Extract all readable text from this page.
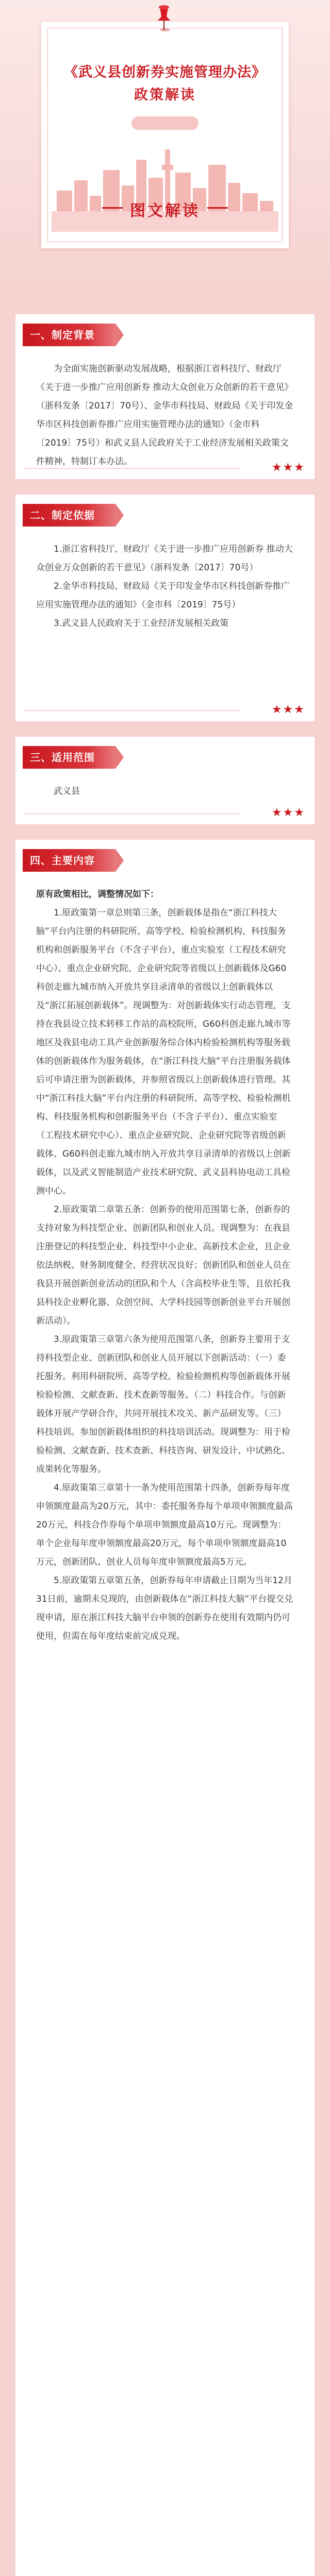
《武义县创新券实施管理办法》
政策解读
图文解读
一、制定背景

为全面实施创新驱动发展战略，根据浙江省科技厅、财政厅《关于进一步推广应用创新券 推动大众创业万众创新的若干意见》（浙科发条〔2017〕70号）、金华市科技局、财政局《关于印发金华市区科技创新券推广应用实施管理办法的通知》（金市科〔2019〕75号）和武义县人民政府关于工业经济发展相关政策文件精神，特制订本办法。	★★★
二、制定依据

1.浙江省科技厅、财政厅《关于进一步推广应用创新券 推动大众创业万众创新的若干意见》（浙科发条〔2017〕70号）

2.金华市科技局、财政局《关于印发金华市区科技创新券推广应用实施管理办法的通知》（金市科〔2019〕75号）

3.武义县人民政府关于工业经济发展相关政策

★★★
三、适用范围

武义县

★★★
四、主要内容

原有政策相比，调整情况如下：

1.原政策第一章总则第三条，创新载体是指在“浙江科技大脑”平台内注册的科研院所、高等学校、检验检测机构、科技服务机构和创新服务平台（不含子平台），重点实验室（工程技术研究中心）、重点企业研究院、企业研究院等省级以上创新载体及G60科创走廊九城市纳入开放共享目录清单的省级以上创新载体以及“浙江拓展创新载体”。现调整为：对创新载体实行动态管理，支持在我县设立技术转移工作站的高校院所，G60科创走廊九城市等地区及我县电动工具产业创新服务综合体内检验检测机构等服务载体的创新载体作为服务载体，在“浙江科技大脑”平台注册服务载体后可申请注册为创新载体，并参照省级以上创新载体进行管理。其中“浙江科技大脑”平台内注册的科研院所、高等学校、检验检测机构、科技服务机构和创新服务平台（不含子平台）、重点实验室（工程技术研究中心）、重点企业研究院、企业研究院等省级创新载体、G60科创走廊九城市纳入开放共享目录清单的省级以上创新载体，以及武义智能制造产业技术研究院、武义县科协电动工具检测中心。

2.原政策第二章第五条：创新券的使用范围第七条，创新券的支持对象为科技型企业、创新团队和创业人员。现调整为：在我县注册登记的科技型企业、科技型中小企业、高新技术企业，且企业依法纳税、财务制度健全、经营状况良好；创新团队和创业人员在我县开展创新创业活动的团队和个人（含高校毕业生等，且依托我县科技企业孵化器、众创空间、大学科技园等创新创业平台开展创新活动）。

3.原政策第三章第六条为使用范围第八条，创新券主要用于支持科技型企业、创新团队和创业人员开展以下创新活动：（一）委托服务。利用科研院所、高等学校、检验检测机构等创新载体开展检验检测、文献查新、技术查新等服务。（二）科技合作。与创新载体开展产学研合作，共同开展技术攻关、新产品研发等。（三）科技培训。参加创新载体组织的科技培训活动。现调整为：用于检验检测、文献查新、技术查新、科技咨询、研发设计、中试熟化、成果转化等服务。

4.原政策第三章第十一条为使用范围第十四条，创新券每年度申领额度最高为20万元，其中：委托服务券每个单项申领额度最高20万元，科技合作券每个单项申领额度最高10万元。现调整为：单个企业每年度申领额度最高20万元，每个单项申领额度最高10万元，创新团队、创业人员每年度申领额度最高5万元。

5.原政策第五章第五条，创新券每年申请截止日期为当年12月31日前，逾期未兑现的，由创新载体在“浙江科技大脑”平台提交兑现申请，原在浙江科技大脑平台申领的创新券在使用有效期内仍可使用，但需在每年度结束前完成兑现。
